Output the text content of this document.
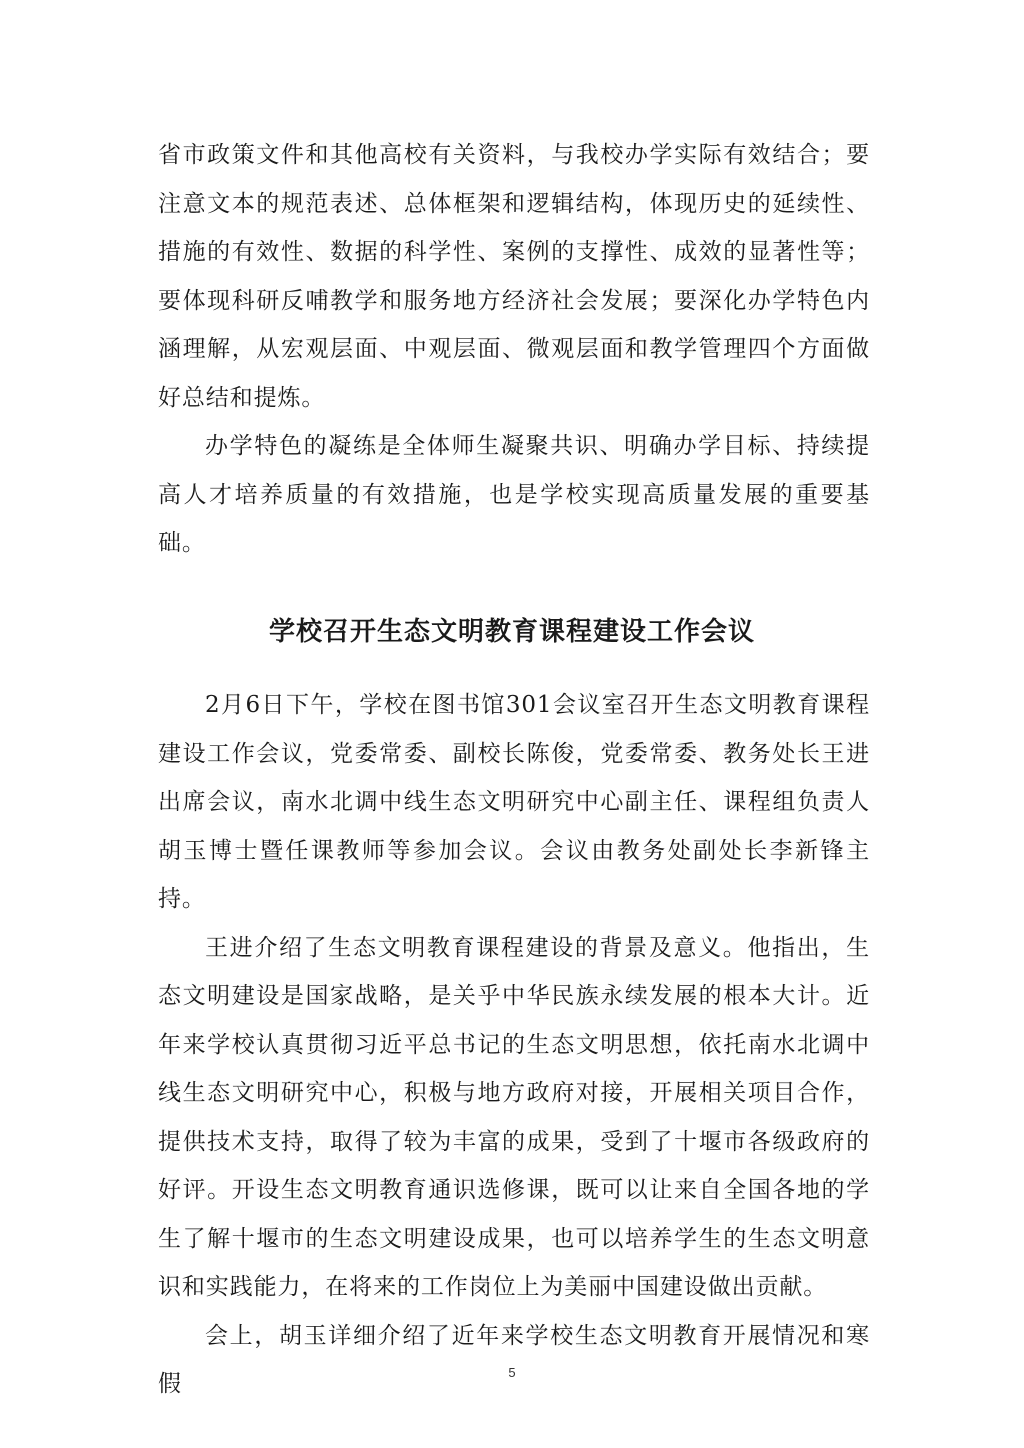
省市政策文件和其他高校有关资料，与我校办学实际有效结合；要注意文本的规范表述、总体框架和逻辑结构，体现历史的延续性、措施的有效性、数据的科学性、案例的支撑性、成效的显著性等；要体现科研反哺教学和服务地方经济社会发展；要深化办学特色内涵理解，从宏观层面、中观层面、微观层面和教学管理四个方面做好总结和提炼。

办学特色的凝练是全体师生凝聚共识、明确办学目标、持续提高人才培养质量的有效措施，也是学校实现高质量发展的重要基础。

学校召开生态文明教育课程建设工作会议

2月6日下午，学校在图书馆301会议室召开生态文明教育课程建设工作会议，党委常委、副校长陈俊，党委常委、教务处长王进出席会议，南水北调中线生态文明研究中心副主任、课程组负责人胡玉博士暨任课教师等参加会议。会议由教务处副处长李新锋主持。

王进介绍了生态文明教育课程建设的背景及意义。他指出，生态文明建设是国家战略，是关乎中华民族永续发展的根本大计。近年来学校认真贯彻习近平总书记的生态文明思想，依托南水北调中线生态文明研究中心，积极与地方政府对接，开展相关项目合作，提供技术支持，取得了较为丰富的成果，受到了十堰市各级政府的好评。开设生态文明教育通识选修课，既可以让来自全国各地的学生了解十堰市的生态文明建设成果，也可以培养学生的生态文明意识和实践能力，在将来的工作岗位上为美丽中国建设做出贡献。

会上，胡玉详细介绍了近年来学校生态文明教育开展情况和寒假	5
